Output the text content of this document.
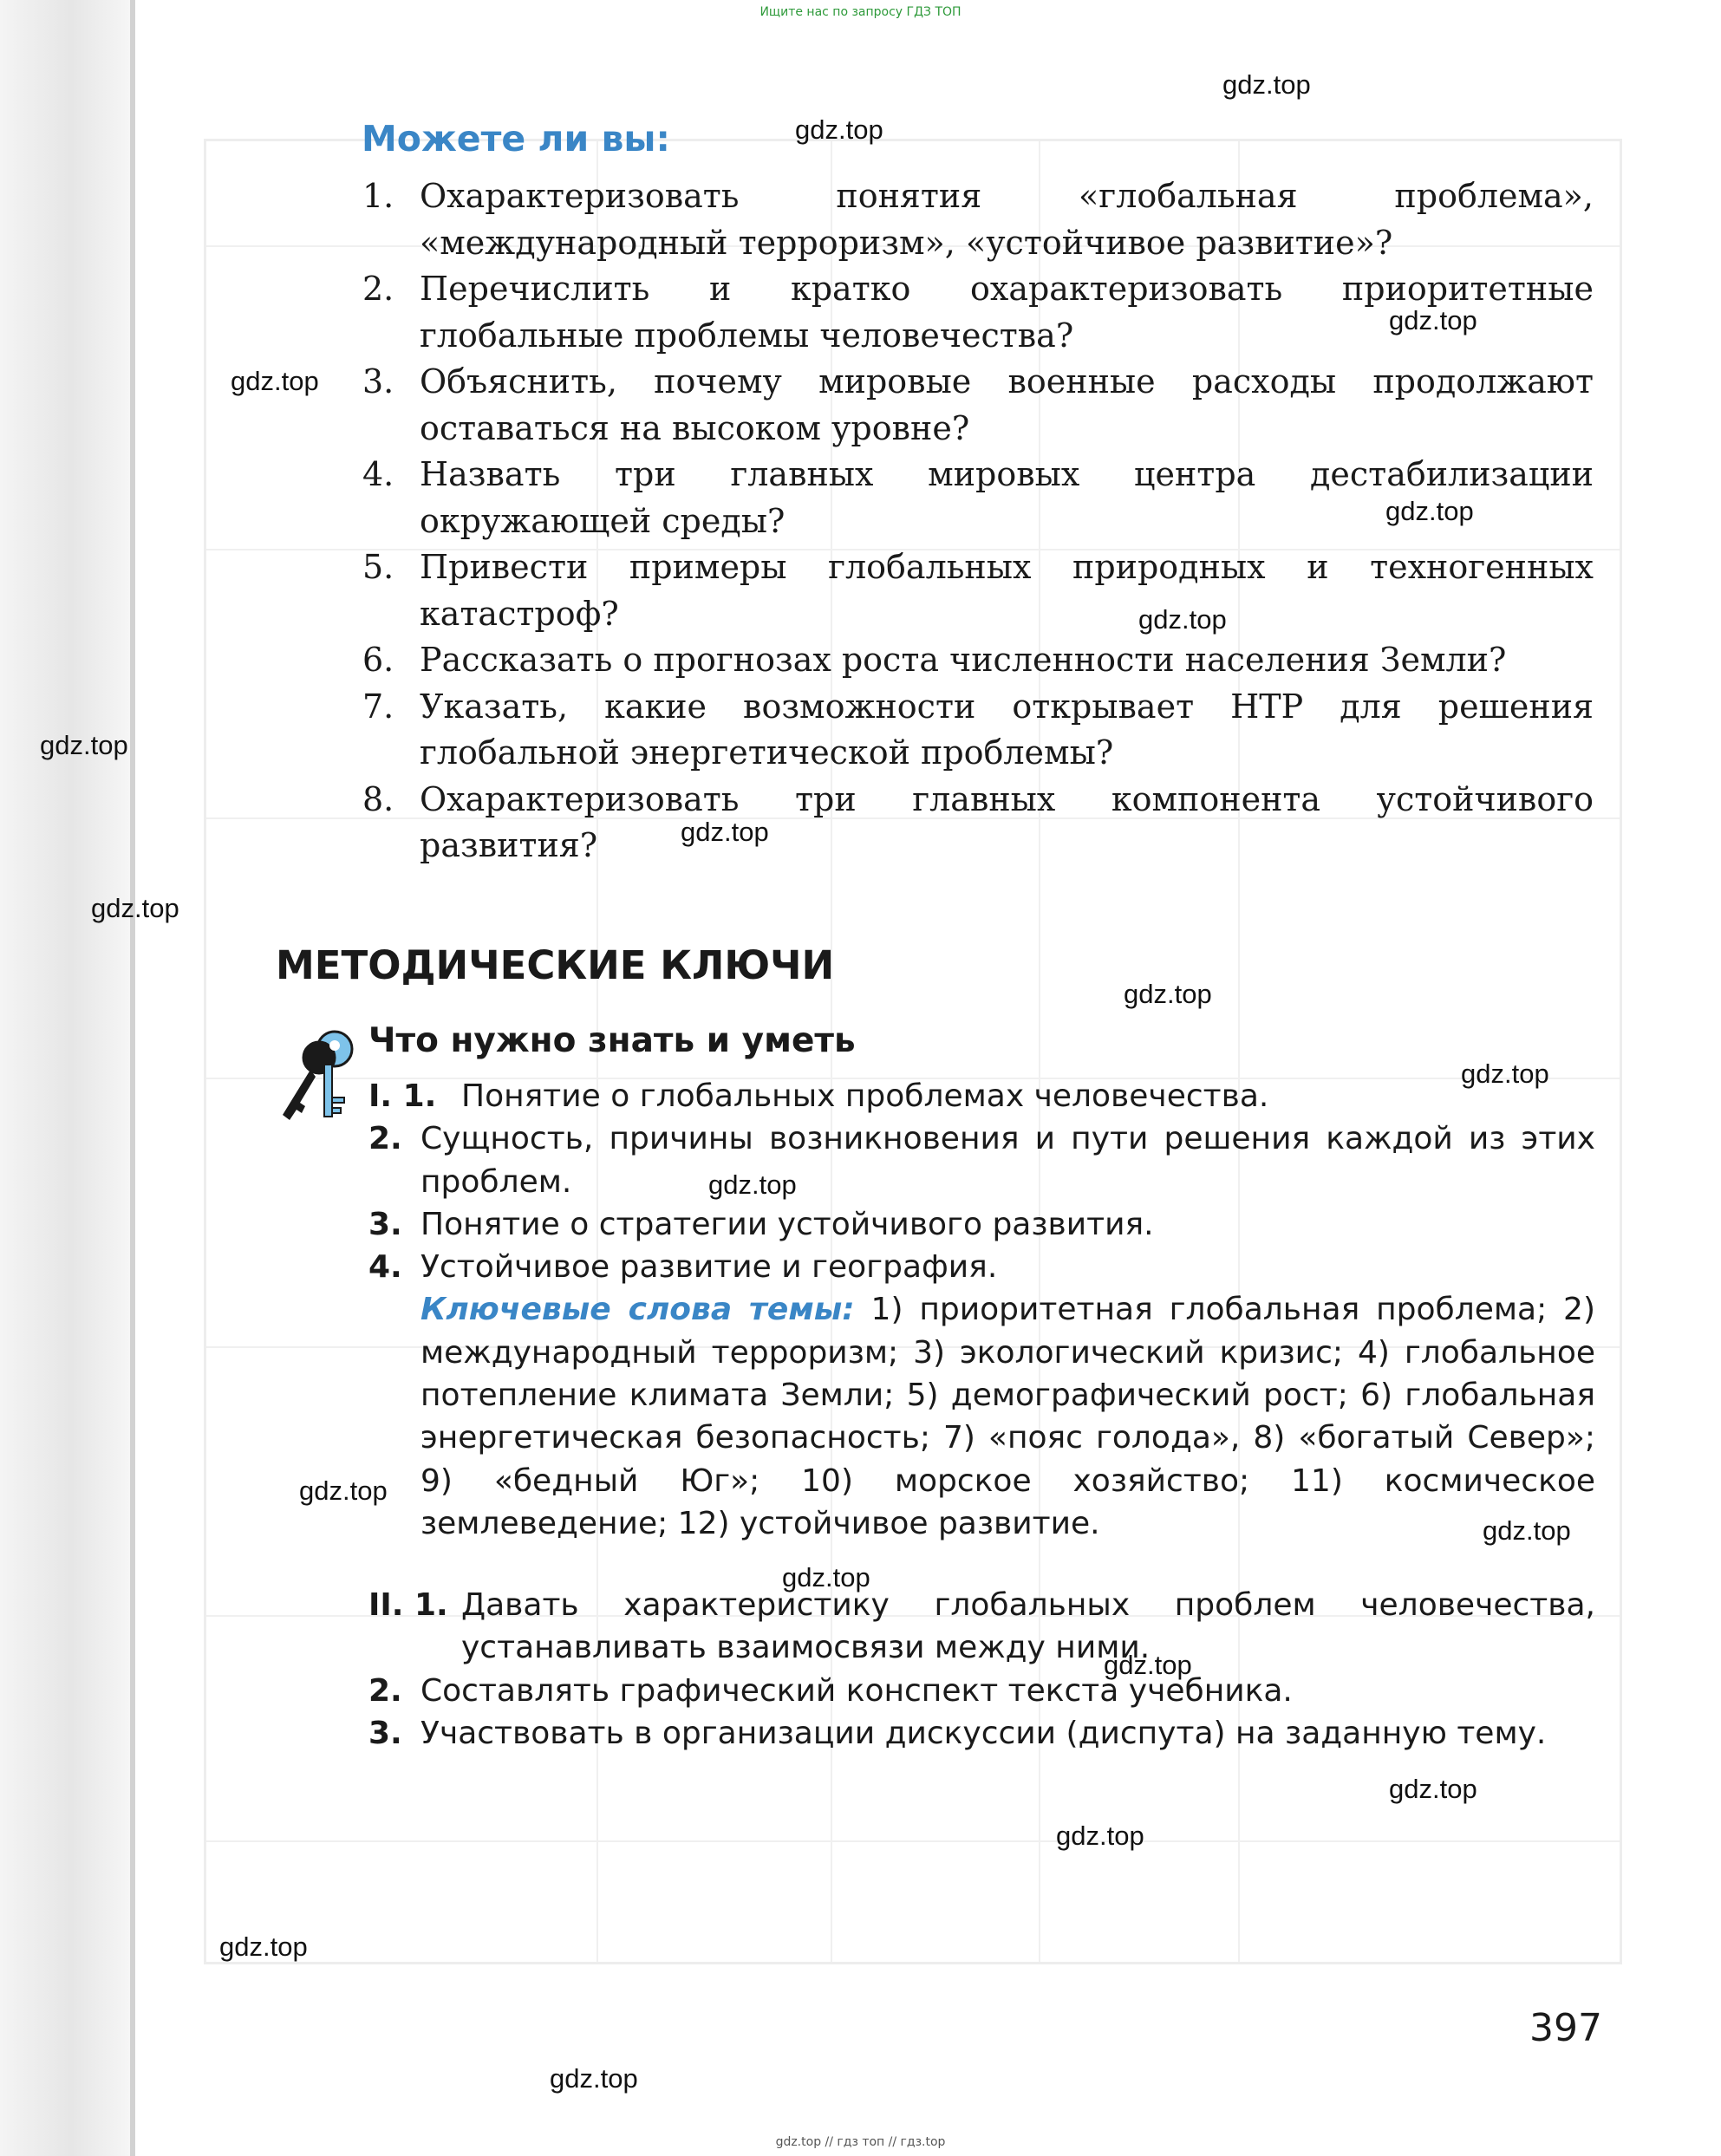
Ищите нас по запросу ГДЗ ТОП
Можете ли вы:
1. Охарактеризовать понятия «глобальная проблема», «международный терроризм», «устойчивое развитие»?
2. Перечислить и кратко охарактеризовать приоритетные глобальные проблемы человечества?
3. Объяснить, почему мировые военные расходы продолжают оставаться на высоком уровне?
4. Назвать три главных мировых центра дестабилизации окружающей среды?
5. Привести примеры глобальных природных и техногенных катастроф?
6. Рассказать о прогнозах роста численности населения Земли?
7. Указать, какие возможности открывает НТР для решения глобальной энергетической проблемы?
8. Охарактеризовать три главных компонента устойчивого развития?
МЕТОДИЧЕСКИЕ КЛЮЧИ
Что нужно знать и уметь
I. 1. Понятие о глобальных проблемах человечества.
2. Сущность, причины возникновения и пути решения каждой из этих проблем.
3. Понятие о стратегии устойчивого развития.
4. Устойчивое развитие и география.
Ключевые слова темы: 1) приоритетная глобальная проблема; 2) международный терроризм; 3) экологический кризис; 4) глобальное потепление климата Земли; 5) демографический рост; 6) глобальная энергетическая безопасность; 7) «пояс голода», 8) «богатый Север»; 9) «бедный Юг»; 10) морское хозяйство; 11) космическое землеведение; 12) устойчивое развитие.
II. 1. Давать характеристику глобальных проблем человечества, устанавливать взаимосвязи между ними.
2. Составлять графический конспект текста учебника.
3. Участвовать в организации дискуссии (диспута) на заданную тему.
397
gdz.top // гдз топ // гдз.top
gdz.top
gdz.top
gdz.top
gdz.top
gdz.top
gdz.top
gdz.top
gdz.top
gdz.top
gdz.top
gdz.top
gdz.top
gdz.top
gdz.top
gdz.top
gdz.top
gdz.top
gdz.top
gdz.top
gdz.top
